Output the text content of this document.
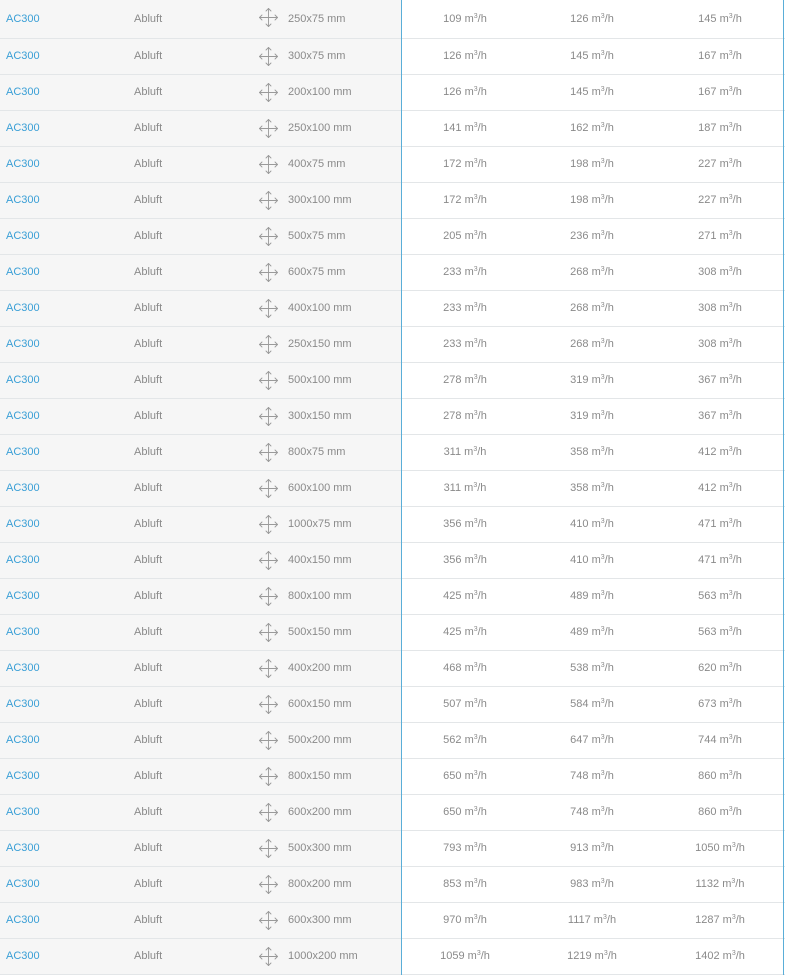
AC300	Abluft	250x75 mm	109 $m^3/h$	126 $m^3/h$	145 $m^3/h$
AC300	Abluft	300x75 mm	126 $m^3/h$	145 $m^3/h$	167 $m^3/h$
AC300	Abluft	200x100 mm	126 $m^3/h$	145 $m^3/h$	167 $m^3/h$
AC300	Abluft	250x100 mm	141 $m^3/h$	162 $m^3/h$	187 $m^3/h$
AC300	Abluft	400x75 mm	172 $m^3/h$	198 $m^3/h$	227 $m^3/h$
AC300	Abluft	300x100 mm	172 $m^3/h$	198 $m^3/h$	227 $m^3/h$
AC300	Abluft	500x75 mm	205 $m^3/h$	236 $m^3/h$	271 $m^3/h$
AC300	Abluft	600x75 mm	233 $m^3/h$	268 $m^3/h$	308 $m^3/h$
AC300	Abluft	400x100 mm	233 $m^3/h$	268 $m^3/h$	308 $m^3/h$
AC300	Abluft	250x150 mm	233 $m^3/h$	268 $m^3/h$	308 $m^3/h$
AC300	Abluft	500x100 mm	278 $m^3/h$	319 $m^3/h$	367 $m^3/h$
AC300	Abluft	300x150 mm	278 $m^3/h$	319 $m^3/h$	367 $m^3/h$
AC300	Abluft	800x75 mm	311 $m^3/h$	358 $m^3/h$	412 $m^3/h$
AC300	Abluft	600x100 mm	311 $m^3/h$	358 $m^3/h$	412 $m^3/h$
AC300	Abluft	1000x75 mm	356 $m^3/h$	410 $m^3/h$	471 $m^3/h$
AC300	Abluft	400x150 mm	356 $m^3/h$	410 $m^3/h$	471 $m^3/h$
AC300	Abluft	800x100 mm	425 $m^3/h$	489 $m^3/h$	563 $m^3/h$
AC300	Abluft	500x150 mm	425 $m^3/h$	489 $m^3/h$	563 $m^3/h$
AC300	Abluft	400x200 mm	468 $m^3/h$	538 $m^3/h$	620 $m^3/h$
AC300	Abluft	600x150 mm	507 $m^3/h$	584 $m^3/h$	673 $m^3/h$
AC300	Abluft	500x200 mm	562 $m^3/h$	647 $m^3/h$	744 $m^3/h$
AC300	Abluft	800x150 mm	650 $m^3/h$	748 $m^3/h$	860 $m^3/h$
AC300	Abluft	600x200 mm	650 $m^3/h$	748 $m^3/h$	860 $m^3/h$
AC300	Abluft	500x300 mm	793 $m^3/h$	913 $m^3/h$	1050 $m^3/h$
AC300	Abluft	800x200 mm	853 $m^3/h$	983 $m^3/h$	1132 $m^3/h$
AC300	Abluft	600x300 mm	970 $m^3/h$	1117 $m^3/h$	1287 $m^3/h$
AC300	Abluft	1000x200 mm	1059 $m^3/h$	1219 $m^3/h$	1402 $m^3/h$
